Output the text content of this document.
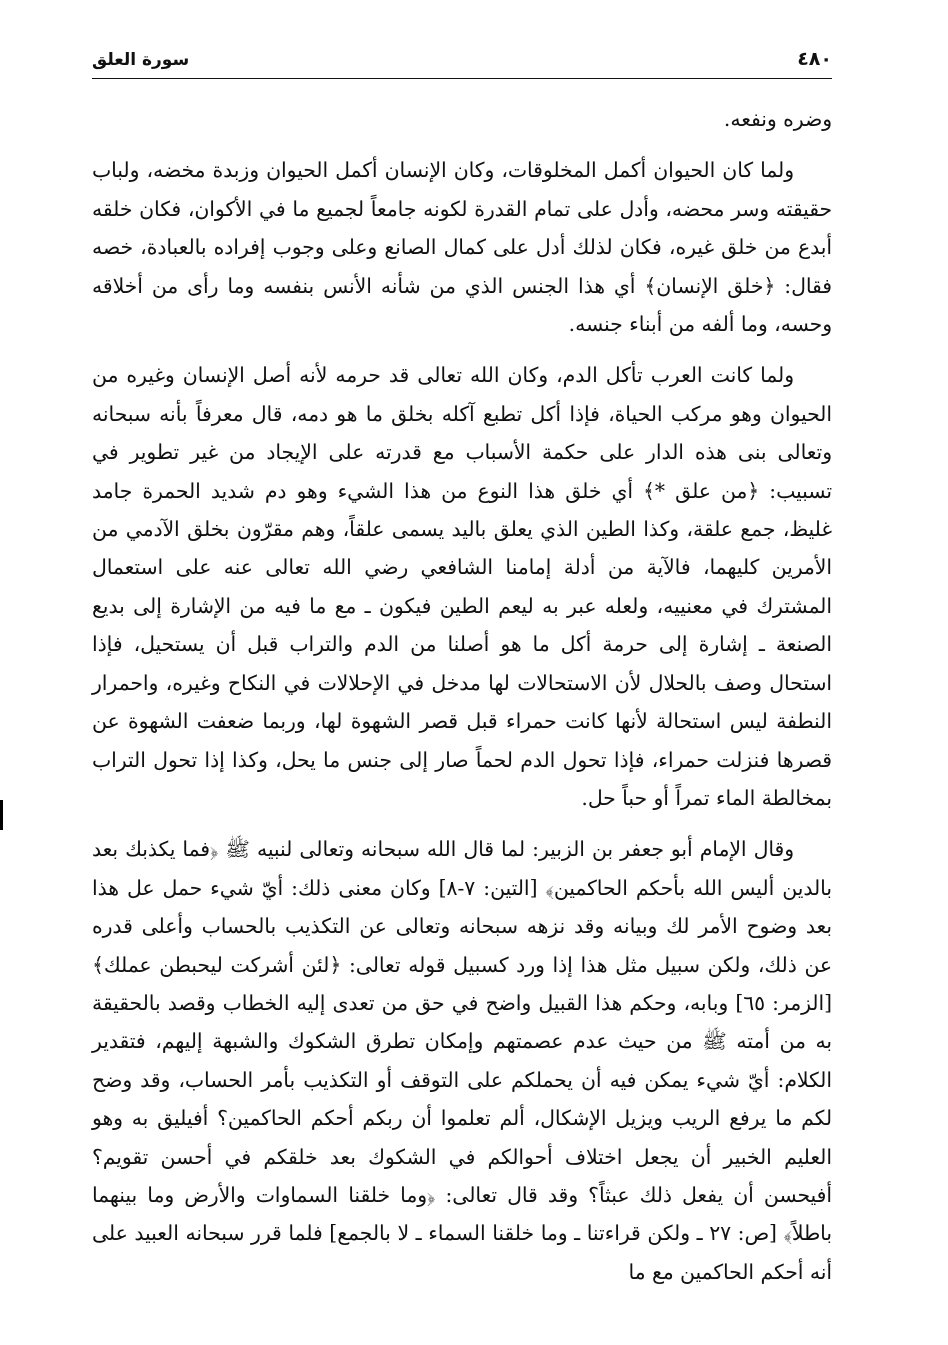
٤٨٠
سورة العلق

وضره ونفعه.

ولما كان الحيوان أكمل المخلوقات، وكان الإنسان أكمل الحيوان وزبدة مخضه، ولباب حقيقته وسر محضه، وأدل على تمام القدرة لكونه جامعاً لجميع ما في الأكوان، فكان خلقه أبدع من خلق غيره، فكان لذلك أدل على كمال الصانع وعلى وجوب إفراده بالعبادة، خصه فقال: ﴿خلق الإنسان﴾ أي هذا الجنس الذي من شأنه الأنس بنفسه وما رأى من أخلاقه وحسه، وما ألفه من أبناء جنسه.

ولما كانت العرب تأكل الدم، وكان الله تعالى قد حرمه لأنه أصل الإنسان وغيره من الحيوان وهو مركب الحياة، فإذا أكل تطبع آكله بخلق ما هو دمه، قال معرفاً بأنه سبحانه وتعالى بنى هذه الدار على حكمة الأسباب مع قدرته على الإيجاد من غير تطوير في تسبيب: ﴿من علق *﴾ أي خلق هذا النوع من هذا الشيء وهو دم شديد الحمرة جامد غليظ، جمع علقة، وكذا الطين الذي يعلق باليد يسمى علقاً، وهم مقرّون بخلق الآدمي من الأمرين كليهما، فالآية من أدلة إمامنا الشافعي رضي الله تعالى عنه على استعمال المشترك في معنييه، ولعله عبر به ليعم الطين فيكون ـ مع ما فيه من الإشارة إلى بديع الصنعة ـ إشارة إلى حرمة أكل ما هو أصلنا من الدم والتراب قبل أن يستحيل، فإذا استحال وصف بالحلال لأن الاستحالات لها مدخل في الإحلالات في النكاح وغيره، واحمرار النطفة ليس استحالة لأنها كانت حمراء قبل قصر الشهوة لها، وربما ضعفت الشهوة عن قصرها فنزلت حمراء، فإذا تحول الدم لحماً صار إلى جنس ما يحل، وكذا إذا تحول التراب بمخالطة الماء تمراً أو حباً حل.

وقال الإمام أبو جعفر بن الزبير: لما قال الله سبحانه وتعالى لنبيه ﷺ ﴿فما يكذبك بعد بالدين أليس الله بأحكم الحاكمين﴾ [التين: ٧-٨] وكان معنى ذلك: أيّ شيء حمل عل هذا بعد وضوح الأمر لك وبيانه وقد نزهه سبحانه وتعالى عن التكذيب بالحساب وأعلى قدره عن ذلك، ولكن سبيل مثل هذا إذا ورد كسبيل قوله تعالى: ﴿لئن أشركت ليحبطن عملك﴾ [الزمر: ٦٥] وبابه، وحكم هذا القبيل واضح في حق من تعدى إليه الخطاب وقصد بالحقيقة به من أمته ﷺ من حيث عدم عصمتهم وإمكان تطرق الشكوك والشبهة إليهم، فتقدير الكلام: أيّ شيء يمكن فيه أن يحملكم على التوقف أو التكذيب بأمر الحساب، وقد وضح لكم ما يرفع الريب ويزيل الإشكال، ألم تعلموا أن ربكم أحكم الحاكمين؟ أفيليق به وهو العليم الخبير أن يجعل اختلاف أحوالكم في الشكوك بعد خلقكم في أحسن تقويم؟ أفيحسن أن يفعل ذلك عبثاً؟ وقد قال تعالى: ﴿وما خلقنا السماوات والأرض وما بينهما باطلاً﴾ [ص: ٢٧ ـ ولكن قراءتنا ـ وما خلقنا السماء ـ لا بالجمع] فلما قرر سبحانه العبيد على أنه أحكم الحاكمين مع ما
